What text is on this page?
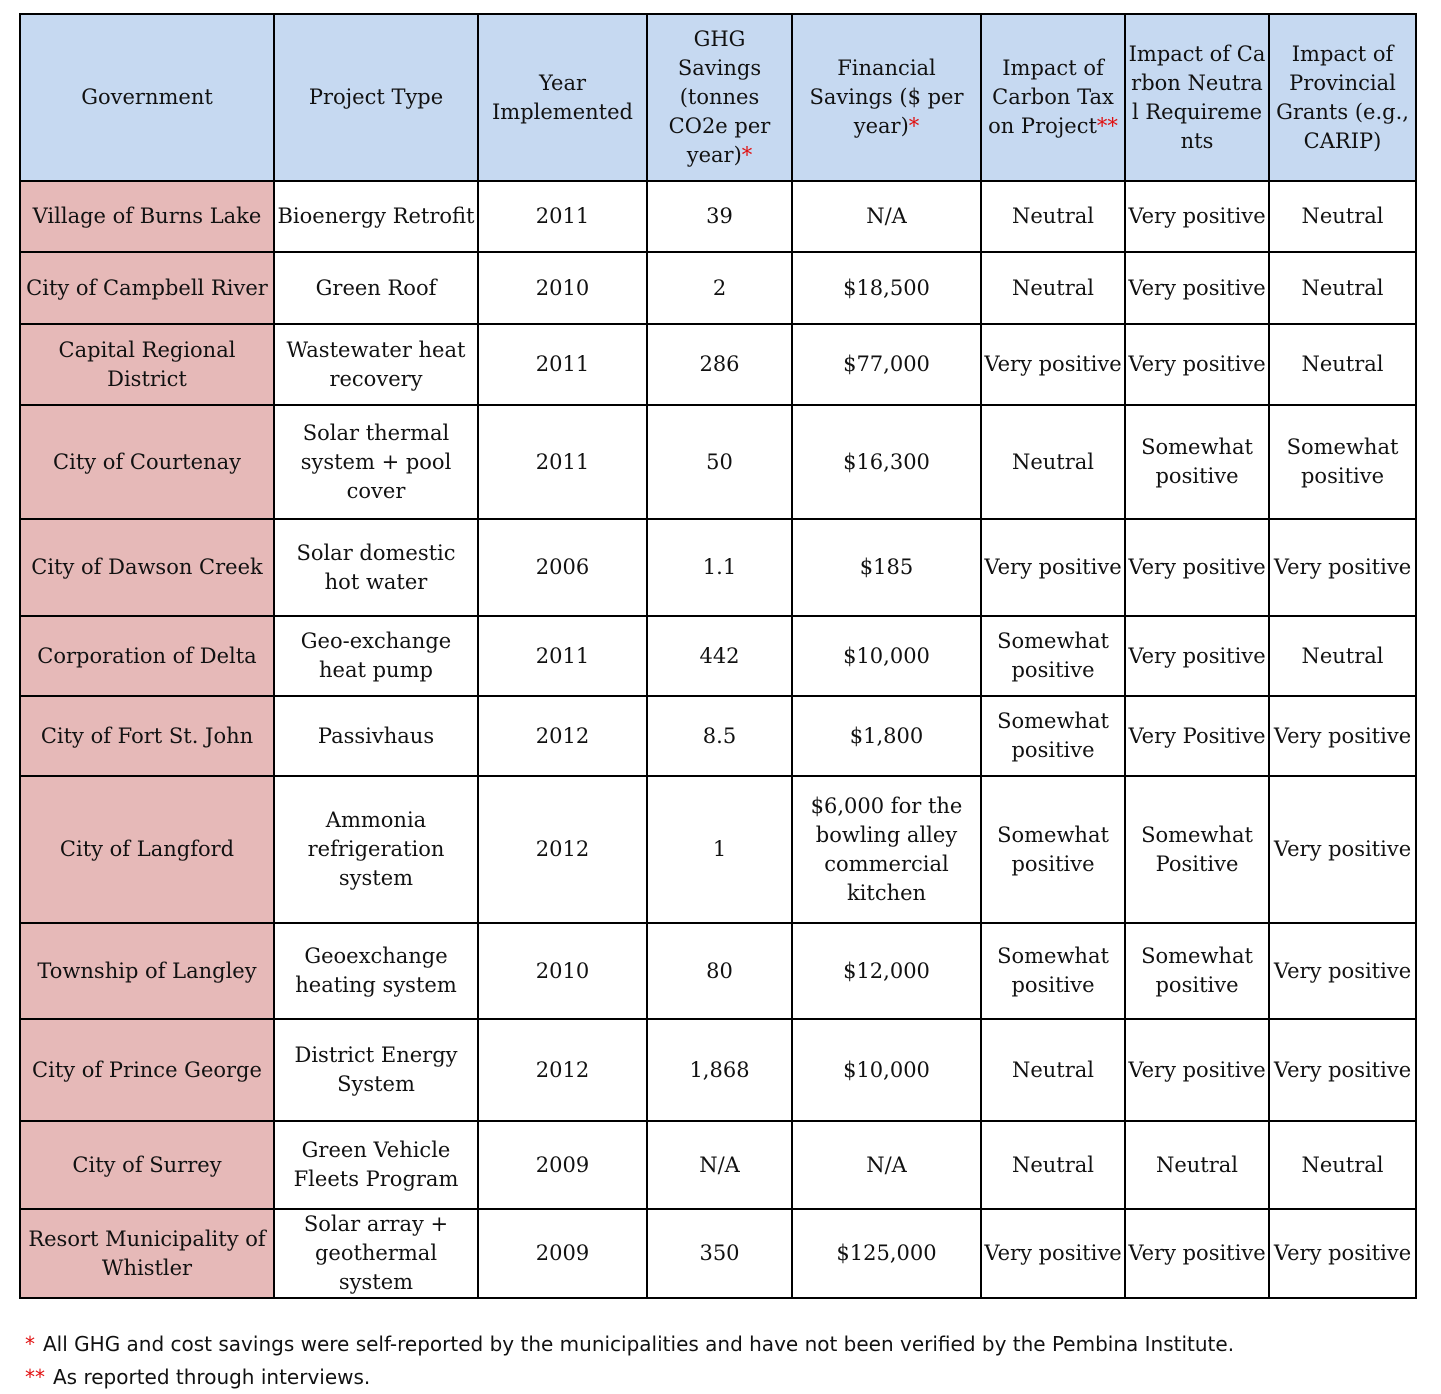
Government	Project Type	Year Implemented	GHG Savings (tonnes CO2e per year)*	Financial Savings ($ per year)*	Impact of Carbon Tax on Project**	Impact of Carbon Neutral Requirements	Impact of Provincial Grants (e.g., CARIP)
Village of Burns Lake	Bioenergy Retrofit	2011	39	N/A	Neutral	Very positive	Neutral
City of Campbell River	Green Roof	2010	2	$18,500	Neutral	Very positive	Neutral
Capital Regional District	Wastewater heat recovery	2011	286	$77,000	Very positive	Very positive	Neutral
City of Courtenay	Solar thermal system + pool cover	2011	50	$16,300	Neutral	Somewhat positive	Somewhat positive
City of Dawson Creek	Solar domestic hot water	2006	1.1	$185	Very positive	Very positive	Very positive
Corporation of Delta	Geo-exchange heat pump	2011	442	$10,000	Somewhat positive	Very positive	Neutral
City of Fort St. John	Passivhaus	2012	8.5	$1,800	Somewhat positive	Very Positive	Very positive
City of Langford	Ammonia refrigeration system	2012	1	$6,000 for the bowling alley commercial kitchen	Somewhat positive	Somewhat Positive	Very positive
Township of Langley	Geoexchange heating system	2010	80	$12,000	Somewhat positive	Somewhat positive	Very positive
City of Prince George	District Energy System	2012	1,868	$10,000	Neutral	Very positive	Very positive
City of Surrey	Green Vehicle Fleets Program	2009	N/A	N/A	Neutral	Neutral	Neutral
Resort Municipality of Whistler	Solar array + geothermal system	2009	350	$125,000	Very positive	Very positive	Very positive
* All GHG and cost savings were self-reported by the municipalities and have not been verified by the Pembina Institute.
** As reported through interviews.
